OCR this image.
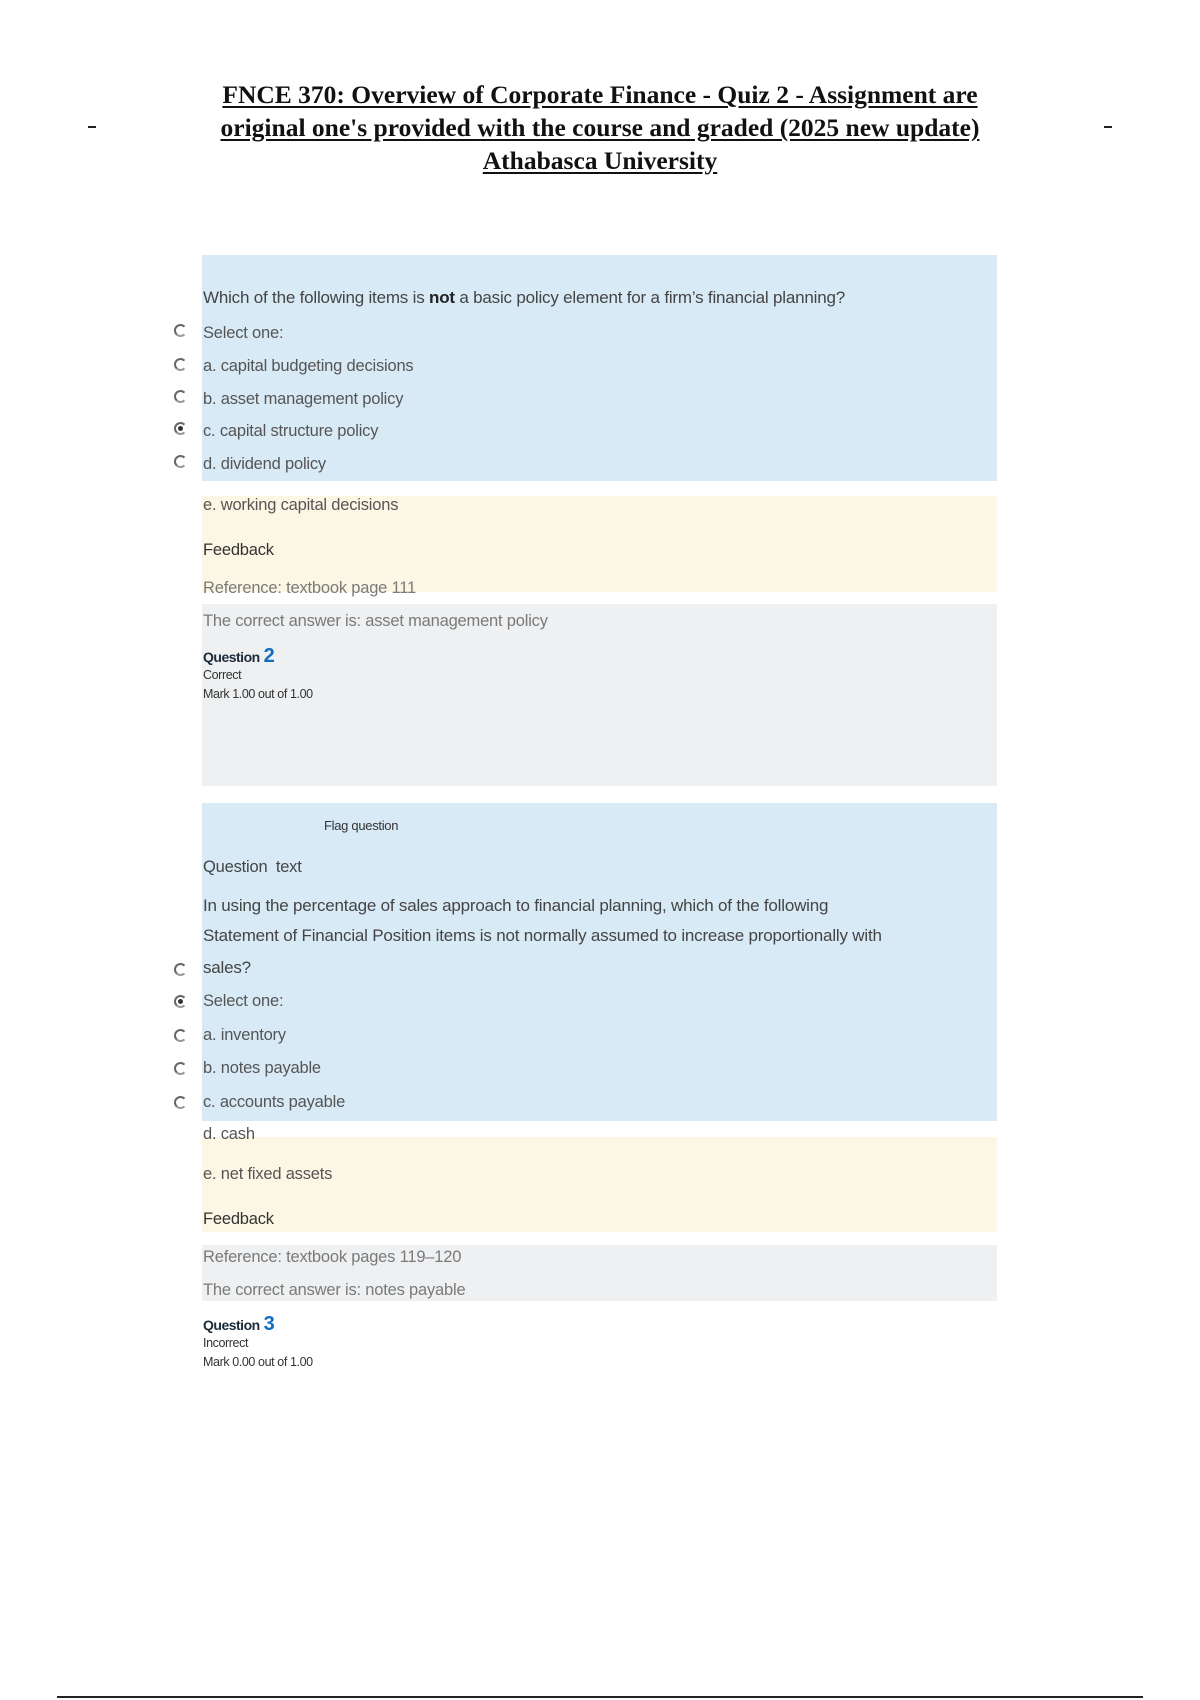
FNCE 370: Overview of Corporate Finance - Quiz 2 - Assignment are
original one's provided with the course and graded (2025 new update)
Athabasca University
Which of the following items is not a basic policy element for a firm’s financial planning?
Select one:
a. capital budgeting decisions
b. asset management policy
c. capital structure policy
d. dividend policy
e. working capital decisions
Feedback
Reference: textbook page 111
The correct answer is: asset management policy
Question 2
Correct
Mark 1.00 out of 1.00
Flag question
Question text
In using the percentage of sales approach to financial planning, which of the following
Statement of Financial Position items is not normally assumed to increase proportionally with
sales?
Select one:
a. inventory
b. notes payable
c. accounts payable
d. cash
e. net fixed assets
Feedback
Reference: textbook pages 119–120
The correct answer is: notes payable
Question 3
Incorrect
Mark 0.00 out of 1.00
